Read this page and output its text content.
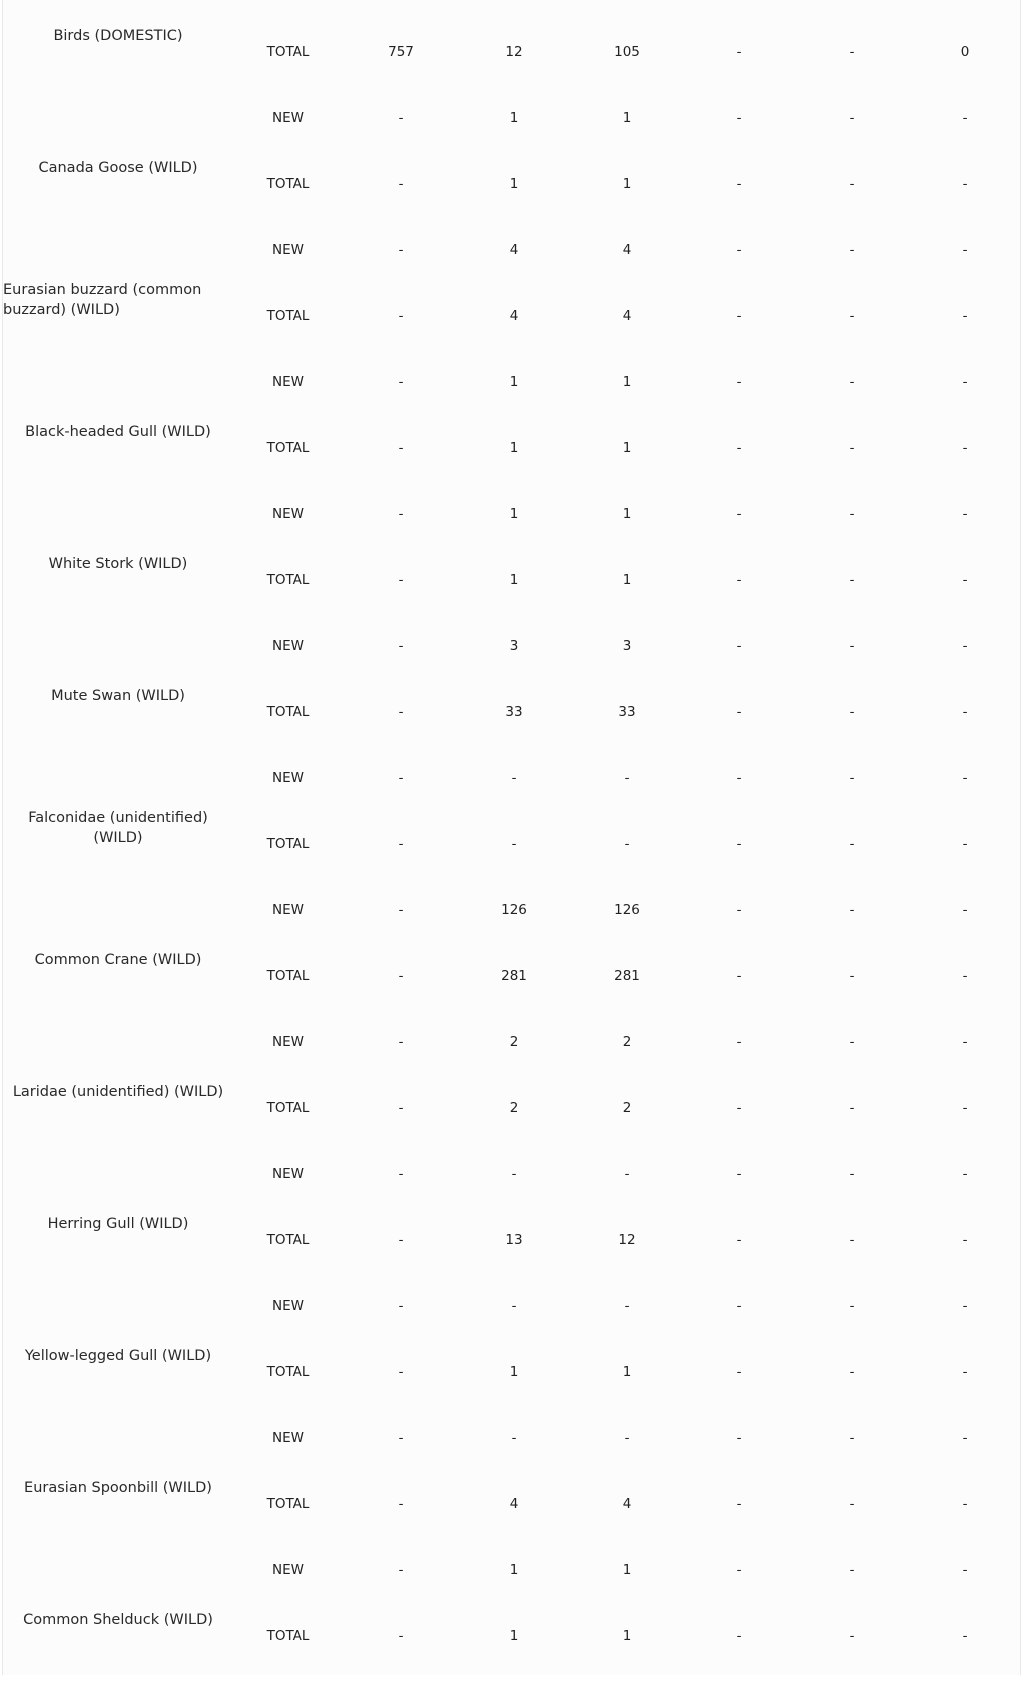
Birds (DOMESTIC)
TOTAL	757	12	105	-	-	0
Canada Goose (WILD)
NEW	-	1	1	-	-	-
TOTAL	-	1	1	-	-	-
Eurasian buzzard (common buzzard) (WILD)
NEW	-	4	4	-	-	-
TOTAL	-	4	4	-	-	-
Black-headed Gull (WILD)
NEW	-	1	1	-	-	-
TOTAL	-	1	1	-	-	-
White Stork (WILD)
NEW	-	1	1	-	-	-
TOTAL	-	1	1	-	-	-
Mute Swan (WILD)
NEW	-	3	3	-	-	-
TOTAL	-	33	33	-	-	-
Falconidae (unidentified) (WILD)
NEW	-	-	-	-	-	-
TOTAL	-	-	-	-	-	-
Common Crane (WILD)
NEW	-	126	126	-	-	-
TOTAL	-	281	281	-	-	-
Laridae (unidentified) (WILD)
NEW	-	2	2	-	-	-
TOTAL	-	2	2	-	-	-
Herring Gull (WILD)
NEW	-	-	-	-	-	-
TOTAL	-	13	12	-	-	-
Yellow-legged Gull (WILD)
NEW	-	-	-	-	-	-
TOTAL	-	1	1	-	-	-
Eurasian Spoonbill (WILD)
NEW	-	-	-	-	-	-
TOTAL	-	4	4	-	-	-
Common Shelduck (WILD)
NEW	-	1	1	-	-	-
TOTAL	-	1	1	-	-	-
